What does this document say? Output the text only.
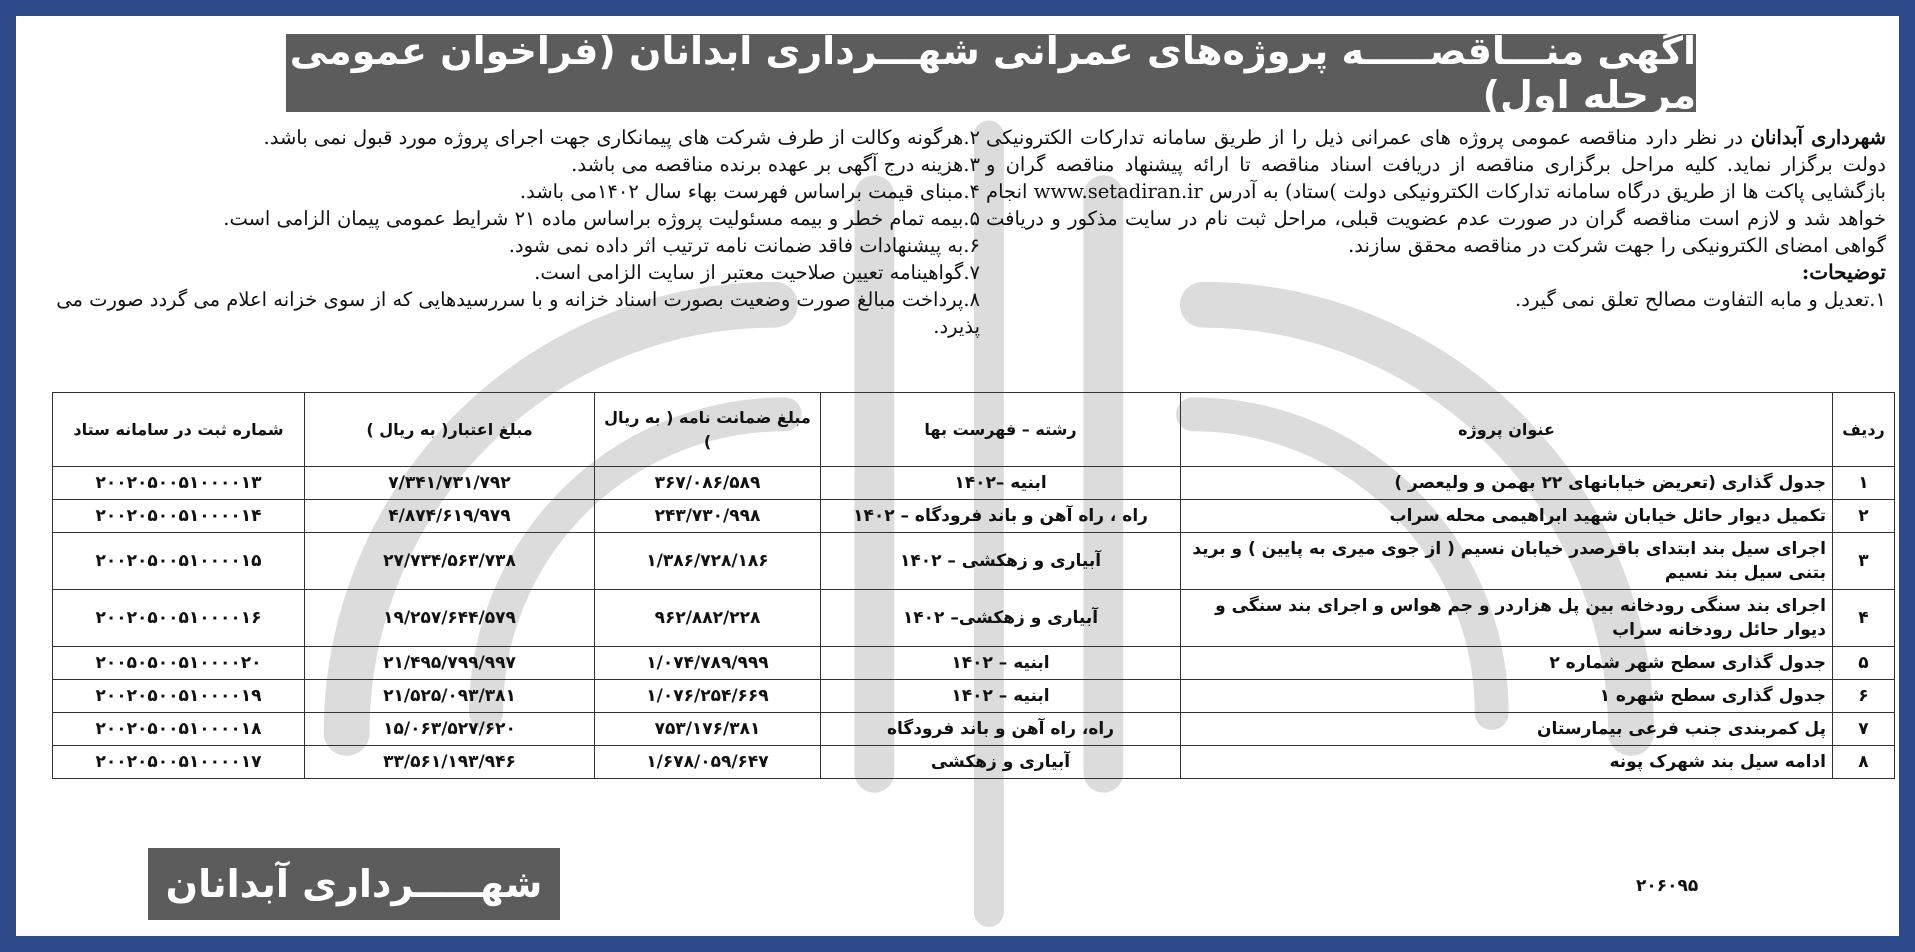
آگهی منـــاقصـــــه پروژه‌های عمرانی شهـــرداری آبدانان (فراخوان عمومی مرحله اول)

شهرداری آبدانان در نظر دارد مناقصه عمومی پروژه های عمرانی ذیل را از طریق سامانه تدارکات الکترونیکی دولت برگزار نماید. کلیه مراحل برگزاری مناقصه از دریافت اسناد مناقصه تا ارائه پیشنهاد مناقصه گران و بازگشایی پاکت ها از طریق درگاه سامانه تدارکات الکترونیکی دولت )ستاد) به آدرس www.setadiran.ir انجام خواهد شد و لازم است مناقصه گران در صورت عدم عضویت قبلی، مراحل ثبت نام در سایت مذکور و دریافت گواهی امضای الکترونیکی را جهت شرکت در مناقصه محقق سازند.

توضیحات:

۱.تعدیل و مابه التفاوت مصالح تعلق نمی گیرد.

۲.هرگونه وکالت از طرف شرکت های پیمانکاری جهت اجرای پروژه مورد قبول نمی باشد.
۳.هزینه درج آگهی بر عهده برنده مناقصه می باشد.
۴.مبنای قیمت براساس فهرست بهاء سال ۱۴۰۲می باشد.
۵.بیمه تمام خطر و بیمه مسئولیت پروژه براساس ماده ۲۱ شرایط عمومی پیمان الزامی است.
۶.به پیشنهادات فاقد ضمانت نامه ترتیب اثر داده نمی شود.
۷.گواهینامه تعیین صلاحیت معتبر از سایت الزامی است.
۸.پرداخت مبالغ صورت وضعیت بصورت اسناد خزانه و با سررسیدهایی که از سوی خزانه اعلام می گردد صورت می پذیرد.
ردیف	عنوان پروژه	رشته – فهرست بها	مبلغ ضمانت نامه ( به ریال )	مبلغ اعتبار( به ریال )	شماره ثبت در سامانه ستاد
۱	جدول گذاری (تعریض خیابانهای ۲۲ بهمن و ولیعصر )	ابنیه –۱۴۰۲	۳۶۷/۰۸۶/۵۸۹	۷/۳۴۱/۷۳۱/۷۹۲	۲۰۰۲۰۵۰۰۵۱۰۰۰۰۱۳
۲	تکمیل دیوار حائل خیابان شهید ابراهیمی محله سراب	راه ، راه آهن و باند فرودگاه – ۱۴۰۲	۲۴۳/۷۳۰/۹۹۸	۴/۸۷۴/۶۱۹/۹۷۹	۲۰۰۲۰۵۰۰۵۱۰۰۰۰۱۴
۳	اجرای سیل بند ابتدای باقرصدر خیابان نسیم ( از جوی میری به پایین ) و برید بتنی سیل بند نسیم	آبیاری و زهکشی – ۱۴۰۲	۱/۳۸۶/۷۲۸/۱۸۶	۲۷/۷۳۴/۵۶۳/۷۳۸	۲۰۰۲۰۵۰۰۵۱۰۰۰۰۱۵
۴	اجرای بند سنگی رودخانه بین پل هزاردر و جم هواس و اجرای بند سنگی و دیوار حائل رودخانه سراب	آبیاری و زهکشی– ۱۴۰۲	۹۶۲/۸۸۲/۲۲۸	۱۹/۲۵۷/۶۴۴/۵۷۹	۲۰۰۲۰۵۰۰۵۱۰۰۰۰۱۶
۵	جدول گذاری سطح شهر شماره ۲	ابنیه – ۱۴۰۲	۱/۰۷۴/۷۸۹/۹۹۹	۲۱/۴۹۵/۷۹۹/۹۹۷	۲۰۰۵۰۵۰۰۵۱۰۰۰۰۲۰
۶	جدول گذاری سطح شهره ۱	ابنیه – ۱۴۰۲	۱/۰۷۶/۲۵۴/۶۶۹	۲۱/۵۲۵/۰۹۳/۳۸۱	۲۰۰۲۰۵۰۰۵۱۰۰۰۰۱۹
۷	پل کمربندی جنب فرعی بیمارستان	راه، راه آهن و باند فرودگاه	۷۵۳/۱۷۶/۳۸۱	۱۵/۰۶۳/۵۲۷/۶۲۰	۲۰۰۲۰۵۰۰۵۱۰۰۰۰۱۸
۸	ادامه سیل بند شهرک پونه	آبیاری و زهکشی	۱/۶۷۸/۰۵۹/۶۴۷	۳۳/۵۶۱/۱۹۳/۹۴۶	۲۰۰۲۰۵۰۰۵۱۰۰۰۰۱۷
شهـــــرداری آبدانان	۲۰۶۰۹۵
